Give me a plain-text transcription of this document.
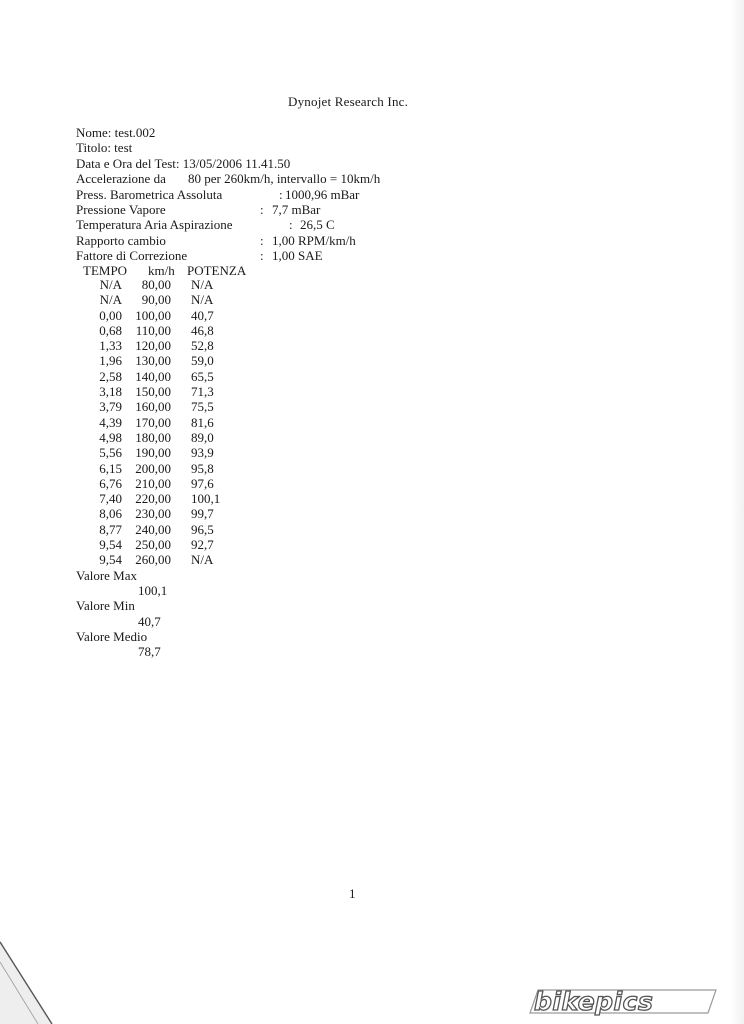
Dynojet Research Inc.
Nome: test.002
Titolo: test
Data e Ora del Test: 13/05/2006 11.41.50
Accelerazione da 80 per 260km/h, intervallo = 10km/h
Press. Barometrica Assoluta	: 1000,96 mBar
Pressione Vapore	: 7,7 mBar
Temperatura Aria Aspirazione	: 26,5 C
Rapporto cambio	: 1,00 RPM/km/h
Fattore di Correzione	: 1,00 SAE
TEMPO km/h POTENZA
N/A	80,00 N/A
N/A	90,00 N/A
0,00	100,00 40,7
0,68	110,00 46,8
1,33	120,00 52,8
1,96	130,00 59,0
2,58	140,00 65,5
3,18	150,00 71,3
3,79	160,00 75,5
4,39	170,00 81,6
4,98	180,00 89,0
5,56	190,00 93,9
6,15	200,00 95,8
6,76	210,00 97,6
7,40	220,00 100,1
8,06	230,00 99,7
8,77	240,00 96,5
9,54	250,00 92,7
9,54	260,00 N/A
Valore Max
100,1
Valore Min
40,7
Valore Medio
78,7
1
bikepics
